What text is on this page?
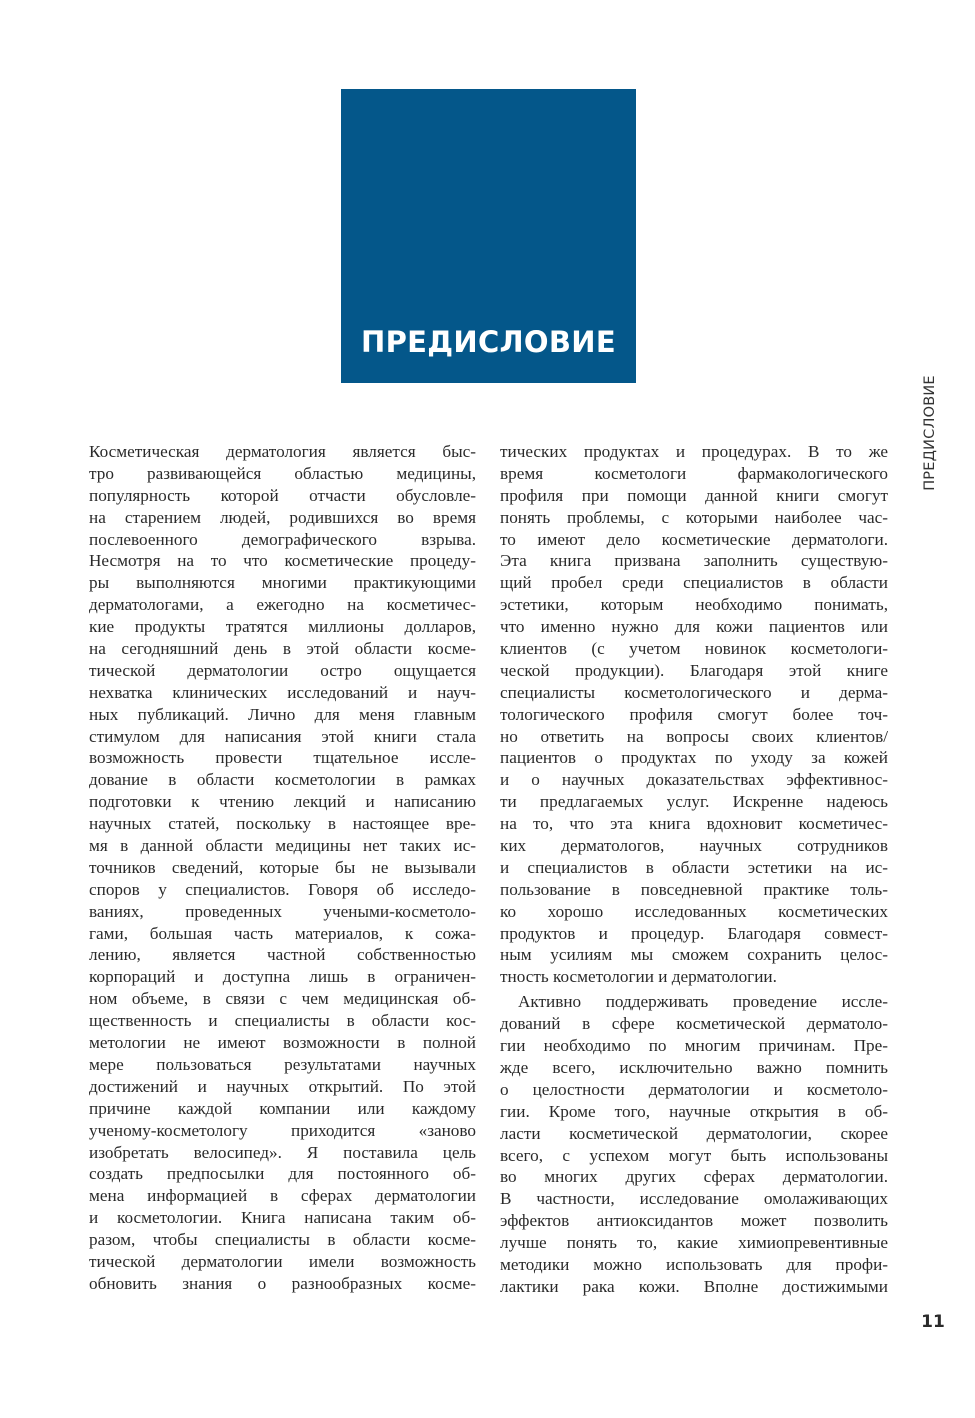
ПРЕДИСЛОВИЕ
ПРЕДИСЛОВИЕ
11
Косметическая дерматология является быс-
тро развивающейся областью медицины,
популярность которой отчасти обусловле-
на старением людей, родившихся во время
послевоенного демографического взрыва.
Несмотря на то что косметические процеду-
ры выполняются многими практикующими
дерматологами, а ежегодно на косметичес-
кие продукты тратятся миллионы долларов,
на сегодняшний день в этой области косме-
тической дерматологии остро ощущается
нехватка клинических исследований и науч-
ных публикаций. Лично для меня главным
стимулом для написания этой книги стала
возможность провести тщательное иссле-
дование в области косметологии в рамках
подготовки к чтению лекций и написанию
научных статей, поскольку в настоящее вре-
мя в данной области медицины нет таких ис-
точников сведений, которые бы не вызывали
споров у специалистов. Говоря об исследо-
ваниях, проведенных учеными-косметоло-
гами, большая часть материалов, к сожа-
лению, является частной собственностью
корпораций и доступна лишь в ограничен-
ном объеме, в связи с чем медицинская об-
щественность и специалисты в области кос-
метологии не имеют возможности в полной
мере пользоваться результатами научных
достижений и научных открытий. По этой
причине каждой компании или каждому
ученому-косметологу приходится «заново
изобретать велосипед». Я поставила цель
создать предпосылки для постоянного об-
мена информацией в сферах дерматологии
и косметологии. Книга написана таким об-
разом, чтобы специалисты в области косме-
тической дерматологии имели возможность
обновить знания о разнообразных косме-
тических продуктах и процедурах. В то же
время косметологи фармакологического
профиля при помощи данной книги смогут
понять проблемы, с которыми наиболее час-
то имеют дело косметические дерматологи.
Эта книга призвана заполнить существую-
щий пробел среди специалистов в области
эстетики, которым необходимо понимать,
что именно нужно для кожи пациентов или
клиентов (с учетом новинок косметологи-
ческой продукции). Благодаря этой книге
специалисты косметологического и дерма-
тологического профиля смогут более точ-
но ответить на вопросы своих клиентов/
пациентов о продуктах по уходу за кожей
и о научных доказательствах эффективнос-
ти предлагаемых услуг. Искренне надеюсь
на то, что эта книга вдохновит косметичес-
ких дерматологов, научных сотрудников
и специалистов в области эстетики на ис-
пользование в повседневной практике толь-
ко хорошо исследованных косметических
продуктов и процедур. Благодаря совмест-
ным усилиям мы сможем сохранить целос-
тность косметологии и дерматологии.
Активно поддерживать проведение иссле-
дований в сфере косметической дерматоло-
гии необходимо по многим причинам. Пре-
жде всего, исключительно важно помнить
о целостности дерматологии и косметоло-
гии. Кроме того, научные открытия в об-
ласти косметической дерматологии, скорее
всего, с успехом могут быть использованы
во многих других сферах дерматологии.
В частности, исследование омолаживающих
эффектов антиоксидантов может позволить
лучше понять то, какие химиопревентивные
методики можно использовать для профи-
лактики рака кожи. Вполне достижимыми
